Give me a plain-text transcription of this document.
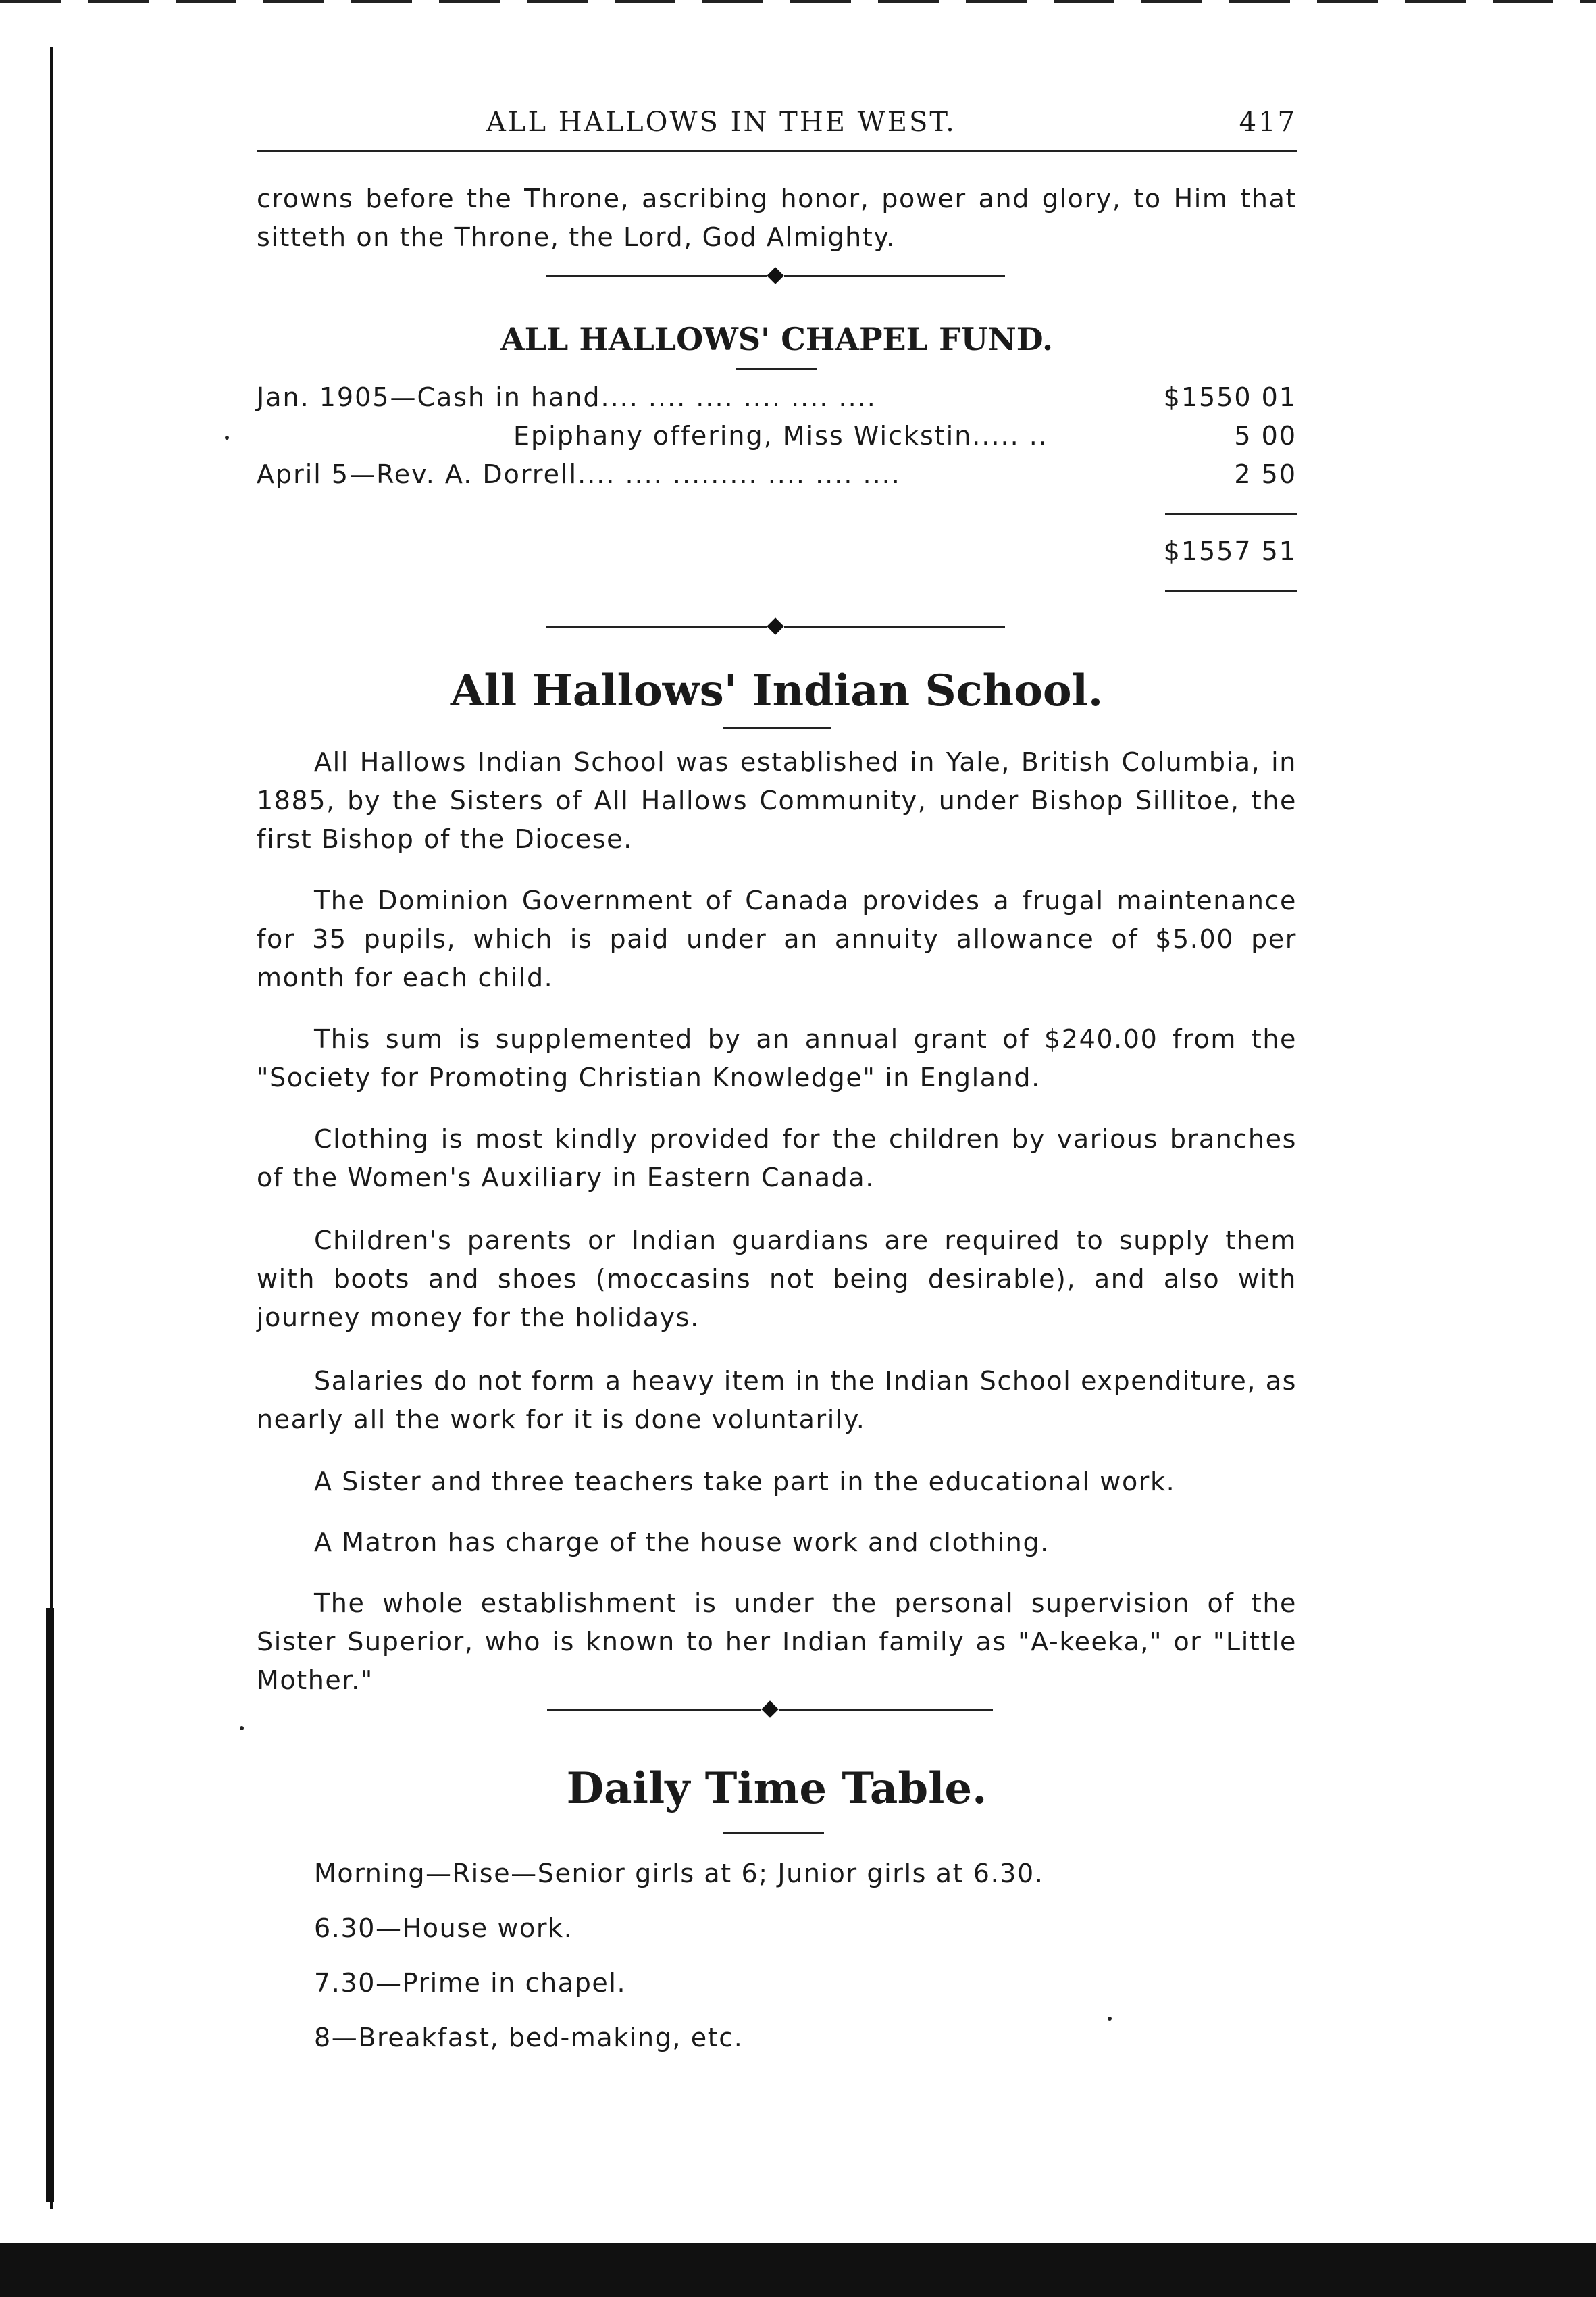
ALL HALLOWS IN THE WEST.	417
crowns before the Throne, ascribing honor, power and glory, to Him that sitteth on the Throne, the Lord, God Almighty.
ALL HALLOWS' CHAPEL FUND.
Jan. 1905—Cash in hand.... .... .... .... .... ....	$1550 01
Epiphany offering, Miss Wickstin..... ..	5 00
April 5—Rev. A. Dorrell.... .... ......... .... .... ....	2 50
$1557 51
All Hallows' Indian School.
All Hallows Indian School was established in Yale, British Columbia, in 1885, by the Sisters of All Hallows Community, under Bishop Sillitoe, the first Bishop of the Diocese.
The Dominion Government of Canada provides a frugal maintenance for 35 pupils, which is paid under an annuity allowance of $5.00 per month for each child.
This sum is supplemented by an annual grant of $240.00 from the "Society for Promoting Christian Knowledge" in England.
Clothing is most kindly provided for the children by various branches of the Women's Auxiliary in Eastern Canada.
Children's parents or Indian guardians are required to supply them with boots and shoes (moccasins not being desirable), and also with journey money for the holidays.
Salaries do not form a heavy item in the Indian School expenditure, as nearly all the work for it is done voluntarily.
A Sister and three teachers take part in the educational work.
A Matron has charge of the house work and clothing.
The whole establishment is under the personal supervision of the Sister Superior, who is known to her Indian family as "A-keeka," or "Little Mother."
Daily Time Table.
Morning—Rise—Senior girls at 6; Junior girls at 6.30.
6.30—House work.
7.30—Prime in chapel.
8—Breakfast, bed-making, etc.
